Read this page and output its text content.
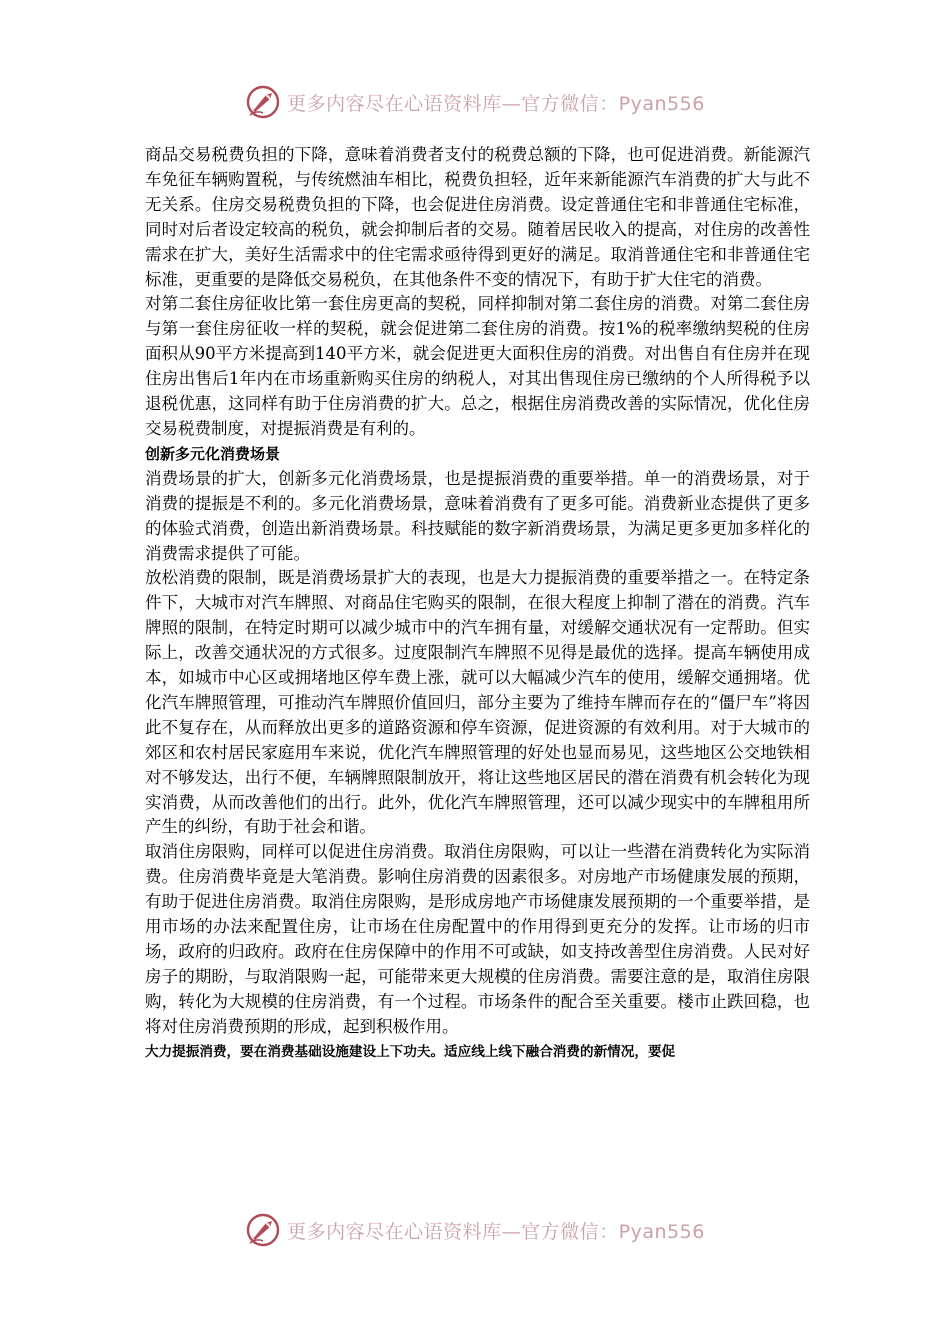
更多内容尽在心语资料库—官方微信：Pyan556

商品交易税费负担的下降，意味着消费者支付的税费总额的下降，也可促进消费。新能源汽车免征车辆购置税，与传统燃油车相比，税费负担轻，近年来新能源汽车消费的扩大与此不无关系。住房交易税费负担的下降，也会促进住房消费。设定普通住宅和非普通住宅标准，同时对后者设定较高的税负，就会抑制后者的交易。随着居民收入的提高，对住房的改善性需求在扩大，美好生活需求中的住宅需求亟待得到更好的满足。取消普通住宅和非普通住宅标准，更重要的是降低交易税负，在其他条件不变的情况下，有助于扩大住宅的消费。

对第二套住房征收比第一套住房更高的契税，同样抑制对第二套住房的消费。对第二套住房与第一套住房征收一样的契税，就会促进第二套住房的消费。按1%的税率缴纳契税的住房面积从90平方米提高到140平方米，就会促进更大面积住房的消费。对出售自有住房并在现住房出售后1年内在市场重新购买住房的纳税人，对其出售现住房已缴纳的个人所得税予以退税优惠，这同样有助于住房消费的扩大。总之，根据住房消费改善的实际情况，优化住房交易税费制度，对提振消费是有利的。

创新多元化消费场景

消费场景的扩大，创新多元化消费场景，也是提振消费的重要举措。单一的消费场景，对于消费的提振是不利的。多元化消费场景，意味着消费有了更多可能。消费新业态提供了更多的体验式消费，创造出新消费场景。科技赋能的数字新消费场景，为满足更多更加多样化的消费需求提供了可能。

放松消费的限制，既是消费场景扩大的表现，也是大力提振消费的重要举措之一。在特定条件下，大城市对汽车牌照、对商品住宅购买的限制，在很大程度上抑制了潜在的消费。汽车牌照的限制，在特定时期可以减少城市中的汽车拥有量，对缓解交通状况有一定帮助。但实际上，改善交通状况的方式很多。过度限制汽车牌照不见得是最优的选择。提高车辆使用成本，如城市中心区或拥堵地区停车费上涨，就可以大幅减少汽车的使用，缓解交通拥堵。优化汽车牌照管理，可推动汽车牌照价值回归，部分主要为了维持车牌而存在的“僵尸车”将因此不复存在，从而释放出更多的道路资源和停车资源，促进资源的有效利用。对于大城市的郊区和农村居民家庭用车来说，优化汽车牌照管理的好处也显而易见，这些地区公交地铁相对不够发达，出行不便，车辆牌照限制放开，将让这些地区居民的潜在消费有机会转化为现实消费，从而改善他们的出行。此外，优化汽车牌照管理，还可以减少现实中的车牌租用所产生的纠纷，有助于社会和谐。

取消住房限购，同样可以促进住房消费。取消住房限购，可以让一些潜在消费转化为实际消费。住房消费毕竟是大笔消费。影响住房消费的因素很多。对房地产市场健康发展的预期，有助于促进住房消费。取消住房限购，是形成房地产市场健康发展预期的一个重要举措，是用市场的办法来配置住房，让市场在住房配置中的作用得到更充分的发挥。让市场的归市场，政府的归政府。政府在住房保障中的作用不可或缺，如支持改善型住房消费。人民对好房子的期盼，与取消限购一起，可能带来更大规模的住房消费。需要注意的是，取消住房限购，转化为大规模的住房消费，有一个过程。市场条件的配合至关重要。楼市止跌回稳，也将对住房消费预期的形成，起到积极作用。

大力提振消费，要在消费基础设施建设上下功夫。适应线上线下融合消费的新情况，要促

更多内容尽在心语资料库—官方微信：Pyan556
